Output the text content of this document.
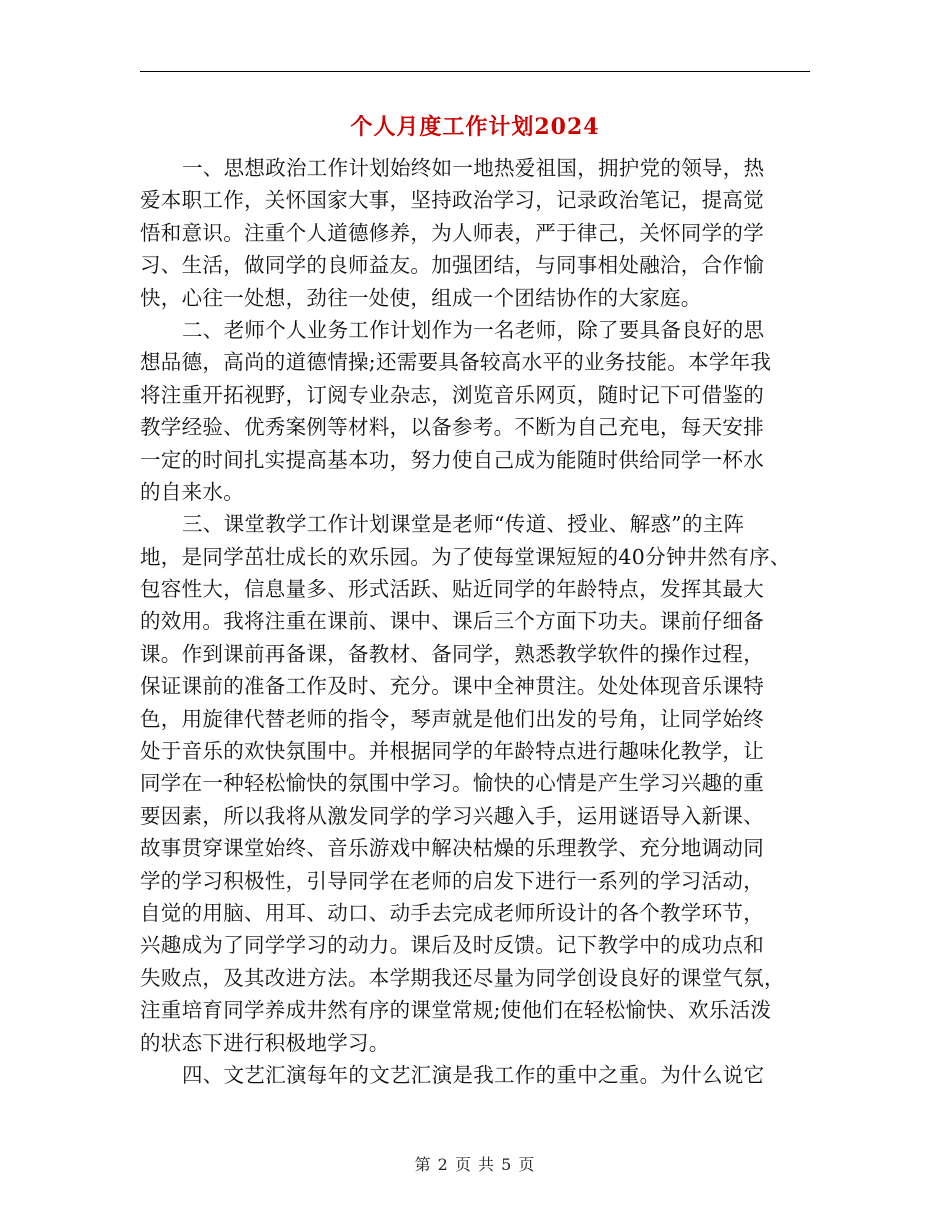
个人月度工作计划2024
一、思想政治工作计划始终如一地热爱祖国，拥护党的领导，热
爱本职工作，关怀国家大事，坚持政治学习，记录政治笔记，提高觉
悟和意识。注重个人道德修养，为人师表，严于律己，关怀同学的学
习、生活，做同学的良师益友。加强团结，与同事相处融洽，合作愉
快，心往一处想，劲往一处使，组成一个团结协作的大家庭。
二、老师个人业务工作计划作为一名老师，除了要具备良好的思
想品德，高尚的道德情操;还需要具备较高水平的业务技能。本学年我
将注重开拓视野，订阅专业杂志，浏览音乐网页，随时记下可借鉴的
教学经验、优秀案例等材料，以备参考。不断为自己充电，每天安排
一定的时间扎实提高基本功，努力使自己成为能随时供给同学一杯水
的自来水。
三、课堂教学工作计划课堂是老师“传道、授业、解惑”的主阵
地，是同学茁壮成长的欢乐园。为了使每堂课短短的40分钟井然有序、
包容性大，信息量多、形式活跃、贴近同学的年龄特点，发挥其最大
的效用。我将注重在课前、课中、课后三个方面下功夫。课前仔细备
课。作到课前再备课，备教材、备同学，熟悉教学软件的操作过程，
保证课前的准备工作及时、充分。课中全神贯注。处处体现音乐课特
色，用旋律代替老师的指令，琴声就是他们出发的号角，让同学始终
处于音乐的欢快氛围中。并根据同学的年龄特点进行趣味化教学，让
同学在一种轻松愉快的氛围中学习。愉快的心情是产生学习兴趣的重
要因素，所以我将从激发同学的学习兴趣入手，运用谜语导入新课、
故事贯穿课堂始终、音乐游戏中解决枯燥的乐理教学、充分地调动同
学的学习积极性，引导同学在老师的启发下进行一系列的学习活动，
自觉的用脑、用耳、动口、动手去完成老师所设计的各个教学环节，
兴趣成为了同学学习的动力。课后及时反馈。记下教学中的成功点和
失败点，及其改进方法。本学期我还尽量为同学创设良好的课堂气氛，
注重培育同学养成井然有序的课堂常规;使他们在轻松愉快、欢乐活泼
的状态下进行积极地学习。
四、文艺汇演每年的文艺汇演是我工作的重中之重。为什么说它
第 2 页 共 5 页
